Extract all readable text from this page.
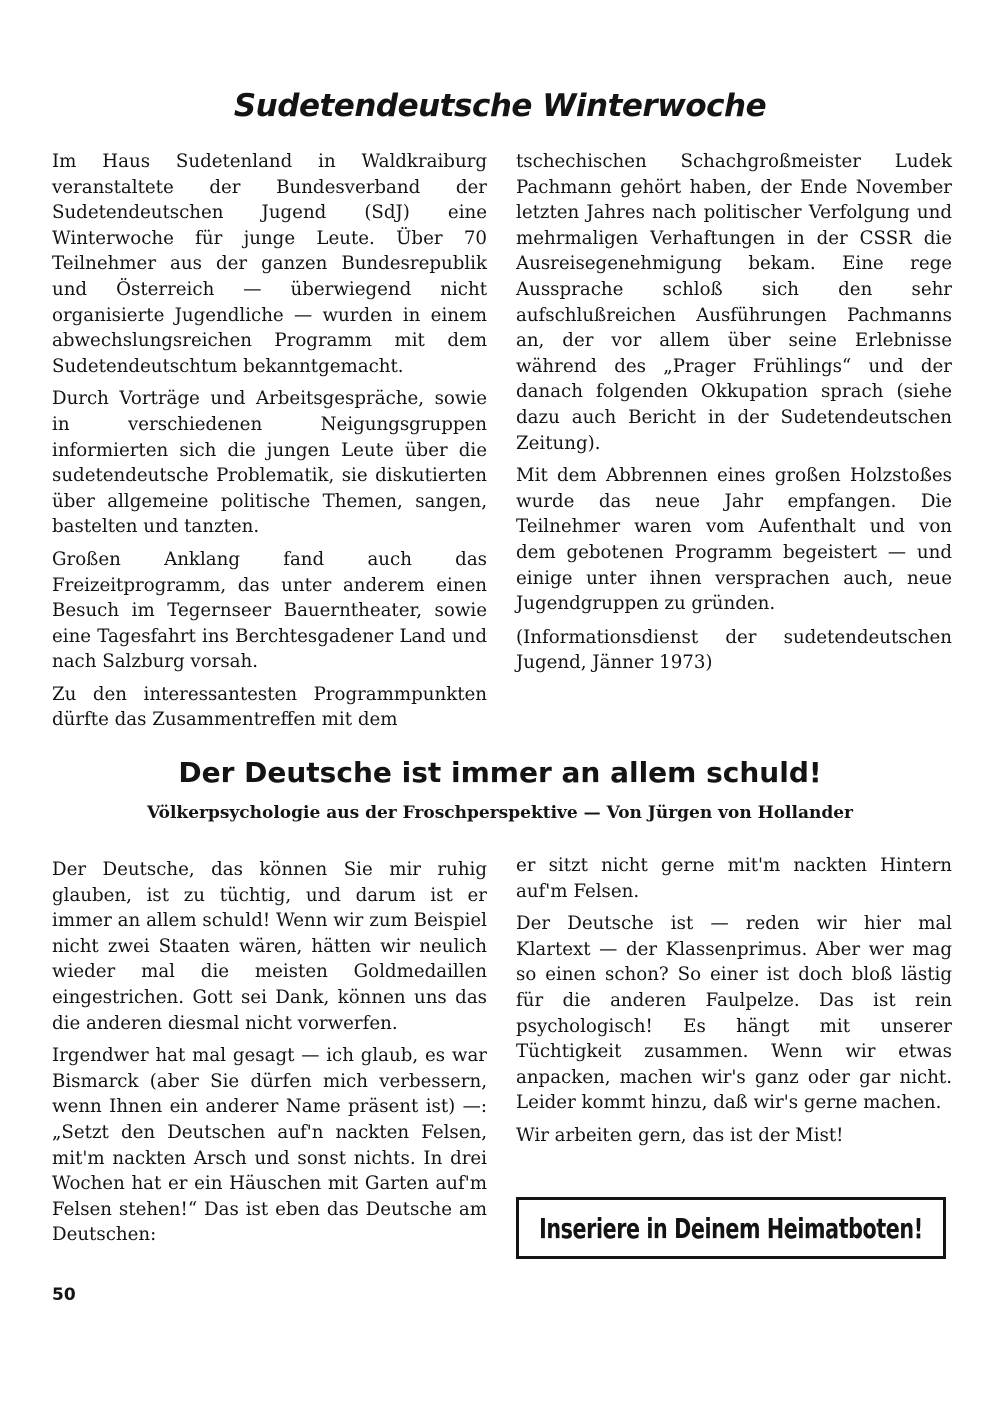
Sudetendeutsche Winterwoche

Im Haus Sudetenland in Waldkraiburg veranstaltete der Bundesverband der Sudetendeutschen Jugend (SdJ) eine Winterwoche für junge Leute. Über 70 Teilnehmer aus der ganzen Bundesrepublik und Österreich — überwiegend nicht organisierte Jugendliche — wurden in einem abwechslungsreichen Programm mit dem Sudetendeutschtum bekanntgemacht.

Durch Vorträge und Arbeitsgespräche, sowie in verschiedenen Neigungsgruppen informierten sich die jungen Leute über die sudetendeutsche Problematik, sie diskutierten über allgemeine politische Themen, sangen, bastelten und tanzten.

Großen Anklang fand auch das Freizeitprogramm, das unter anderem einen Besuch im Tegernseer Bauerntheater, sowie eine Tagesfahrt ins Berchtesgadener Land und nach Salzburg vorsah.

Zu den interessantesten Programmpunkten dürfte das Zusammentreffen mit dem

tschechischen Schachgroßmeister Ludek Pachmann gehört haben, der Ende November letzten Jahres nach politischer Verfolgung und mehrmaligen Verhaftungen in der CSSR die Ausreisegenehmigung bekam. Eine rege Aussprache schloß sich den sehr aufschlußreichen Ausführungen Pachmanns an, der vor allem über seine Erlebnisse während des „Prager Frühlings“ und der danach folgenden Okkupation sprach (siehe dazu auch Bericht in der Sudetendeutschen Zeitung).

Mit dem Abbrennen eines großen Holzstoßes wurde das neue Jahr empfangen. Die Teilnehmer waren vom Aufenthalt und von dem gebotenen Programm begeistert — und einige unter ihnen versprachen auch, neue Jugendgruppen zu gründen.

(Informationsdienst der sudetendeutschen Jugend, Jänner 1973)

Der Deutsche ist immer an allem schuld!
Völkerpsychologie aus der Froschperspektive — Von Jürgen von Hollander

Der Deutsche, das können Sie mir ruhig glauben, ist zu tüchtig, und darum ist er immer an allem schuld! Wenn wir zum Beispiel nicht zwei Staaten wären, hätten wir neulich wieder mal die meisten Goldmedaillen eingestrichen. Gott sei Dank, können uns das die anderen diesmal nicht vorwerfen.

Irgendwer hat mal gesagt — ich glaub, es war Bismarck (aber Sie dürfen mich verbessern, wenn Ihnen ein anderer Name präsent ist) —: „Setzt den Deutschen auf'n nackten Felsen, mit'm nackten Arsch und sonst nichts. In drei Wochen hat er ein Häuschen mit Garten auf'm Felsen stehen!“ Das ist eben das Deutsche am Deutschen:

er sitzt nicht gerne mit'm nackten Hintern auf'm Felsen.

Der Deutsche ist — reden wir hier mal Klartext — der Klassenprimus. Aber wer mag so einen schon? So einer ist doch bloß lästig für die anderen Faulpelze. Das ist rein psychologisch! Es hängt mit unserer Tüchtigkeit zusammen. Wenn wir etwas anpacken, machen wir's ganz oder gar nicht. Leider kommt hinzu, daß wir's gerne machen.

Wir arbeiten gern, das ist der Mist!

Inseriere in Deinem Heimatboten!
50
